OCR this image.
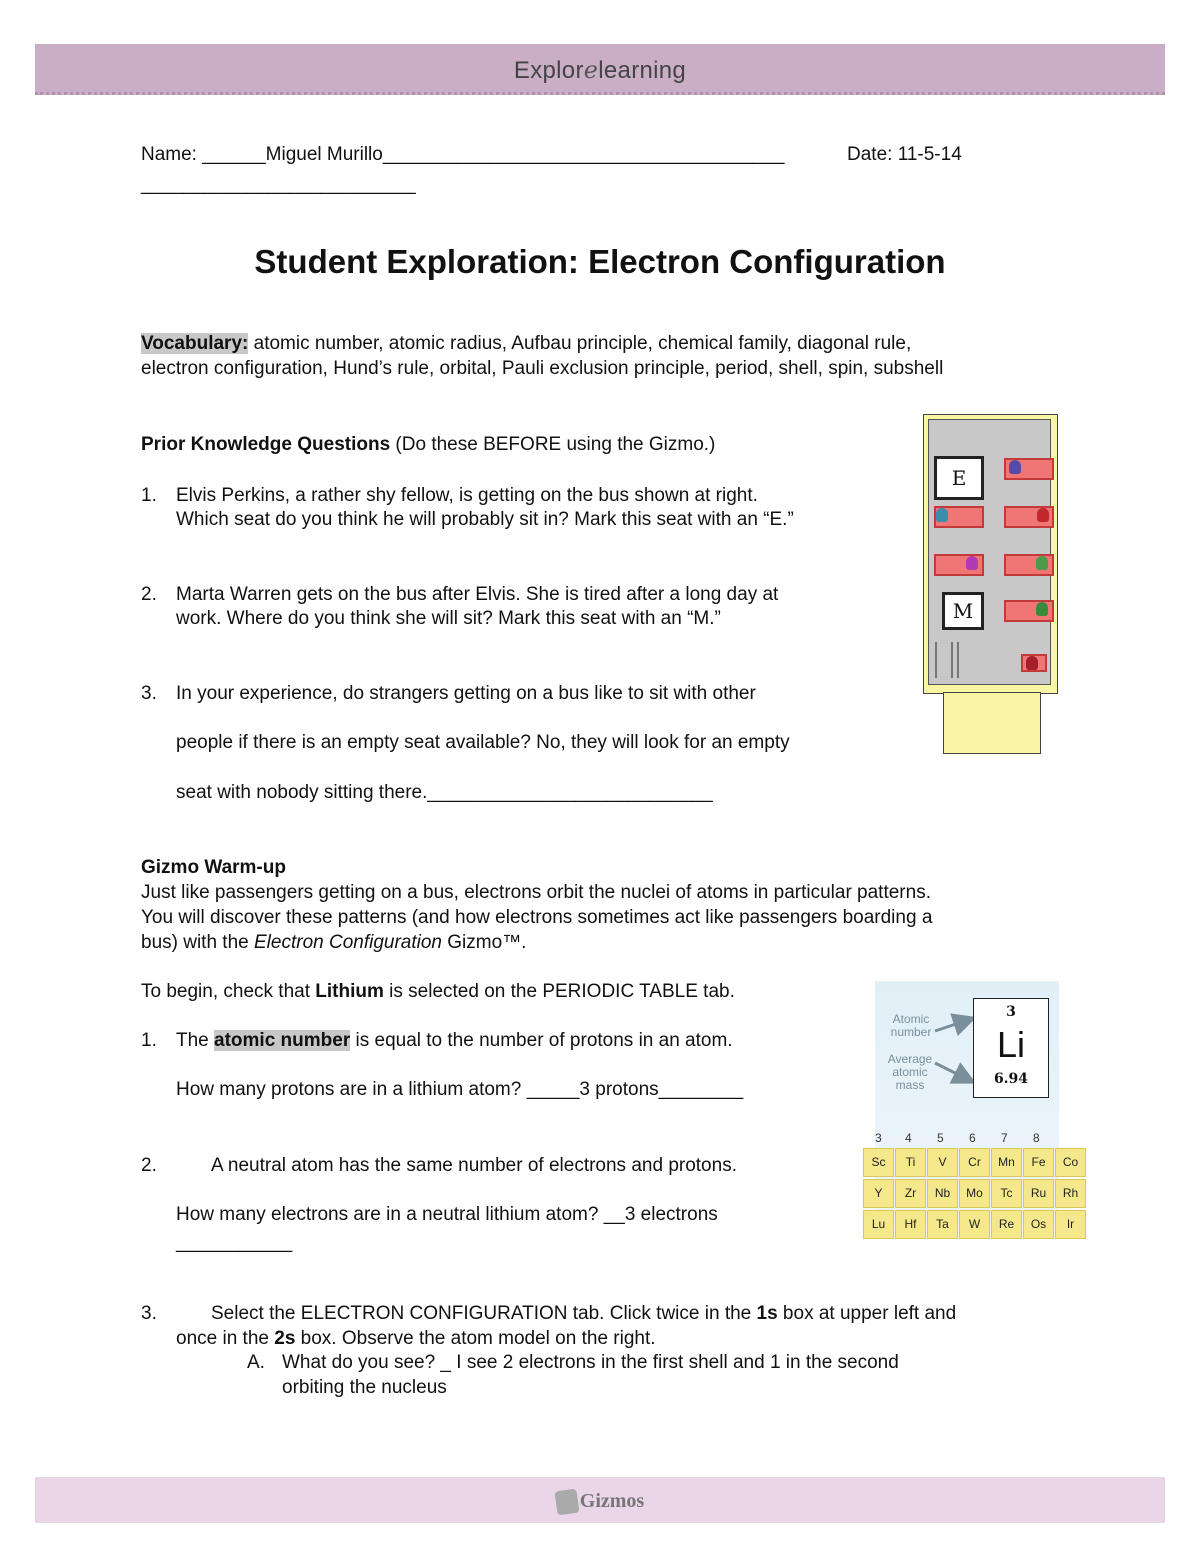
Explorelearning
Name: ______Miguel Murillo______________________________________	Date: 11-5-14
__________________________
Student Exploration: Electron Configuration
Vocabulary: atomic number, atomic radius, Aufbau principle, chemical family, diagonal rule,
electron configuration, Hund’s rule, orbital, Pauli exclusion principle, period, shell, spin, subshell
Prior Knowledge Questions (Do these BEFORE using the Gizmo.)
1. Elvis Perkins, a rather shy fellow, is getting on the bus shown at right.
Which seat do you think he will probably sit in? Mark this seat with an “E.”
2. Marta Warren gets on the bus after Elvis. She is tired after a long day at
work. Where do you think she will sit? Mark this seat with an “M.”
3. In your experience, do strangers getting on a bus like to sit with other
people if there is an empty seat available? No, they will look for an empty
seat with nobody sitting there.___________________________
E
M
Gizmo Warm-up
Just like passengers getting on a bus, electrons orbit the nuclei of atoms in particular patterns.
You will discover these patterns (and how electrons sometimes act like passengers boarding a
bus) with the Electron Configuration Gizmo™.
To begin, check that Lithium is selected on the PERIODIC TABLE tab.
1. The atomic number is equal to the number of protons in an atom.
How many protons are in a lithium atom? _____3 protons________
2.	A neutral atom has the same number of electrons and protons.
How many electrons are in a neutral lithium atom? __3 electrons
___________
3.	Select the ELECTRON CONFIGURATION tab. Click twice in the 1s box at upper left and
once in the 2s box. Observe the atom model on the right.
A. What do you see? _ I see 2 electrons in the first shell and 1 in the second
orbiting the nucleus
Atomic
number
Average
atomic
mass
3
Li
6.94
3 4 5 6 7 8
Sc	Ti	V	Cr	Mn	Fe	Co
Y	Zr	Nb	Mo	Tc	Ru	Rh
Lu	Hf	Ta	W	Re	Os	Ir
Gizmos
